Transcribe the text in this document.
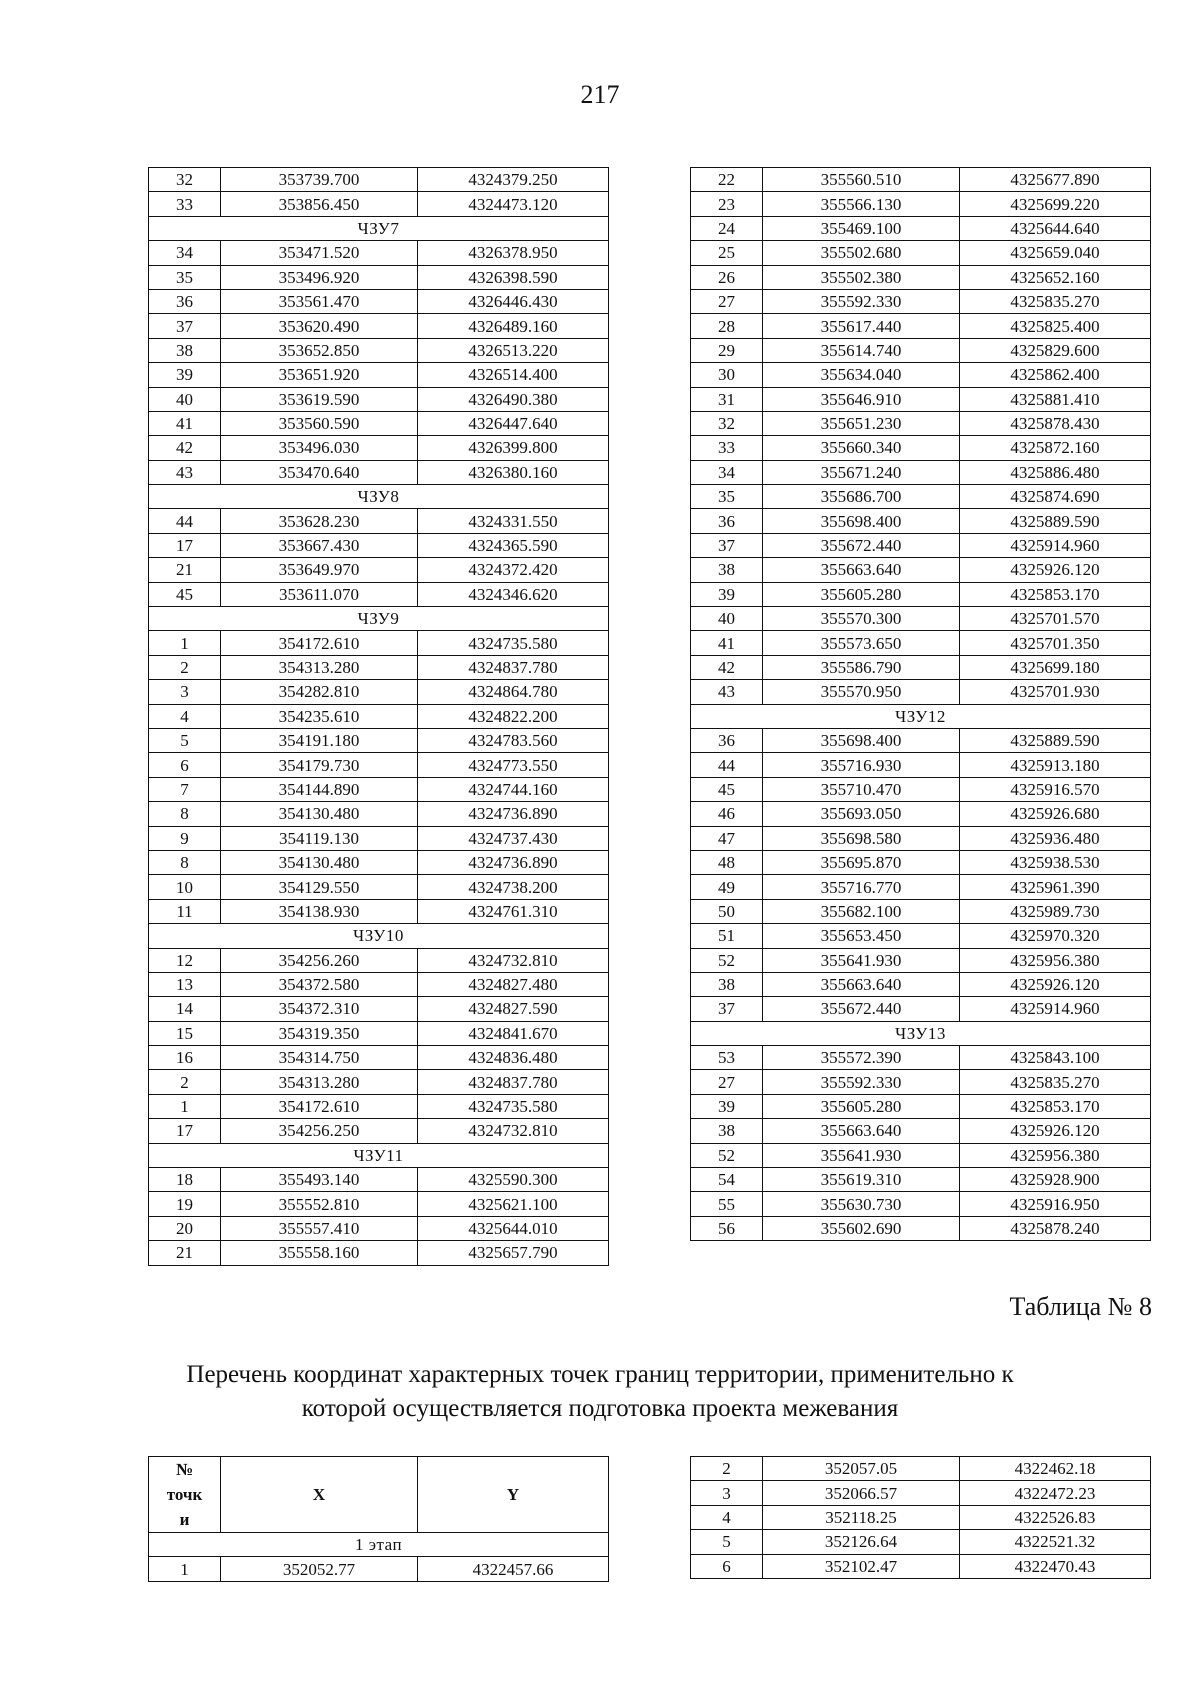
217
32	353739.700	4324379.250
33	353856.450	4324473.120
ЧЗУ7		
34	353471.520	4326378.950
35	353496.920	4326398.590
36	353561.470	4326446.430
37	353620.490	4326489.160
38	353652.850	4326513.220
39	353651.920	4326514.400
40	353619.590	4326490.380
41	353560.590	4326447.640
42	353496.030	4326399.800
43	353470.640	4326380.160
ЧЗУ8		
44	353628.230	4324331.550
17	353667.430	4324365.590
21	353649.970	4324372.420
45	353611.070	4324346.620
ЧЗУ9		
1	354172.610	4324735.580
2	354313.280	4324837.780
3	354282.810	4324864.780
4	354235.610	4324822.200
5	354191.180	4324783.560
6	354179.730	4324773.550
7	354144.890	4324744.160
8	354130.480	4324736.890
9	354119.130	4324737.430
8	354130.480	4324736.890
10	354129.550	4324738.200
11	354138.930	4324761.310
ЧЗУ10		
12	354256.260	4324732.810
13	354372.580	4324827.480
14	354372.310	4324827.590
15	354319.350	4324841.670
16	354314.750	4324836.480
2	354313.280	4324837.780
1	354172.610	4324735.580
17	354256.250	4324732.810
ЧЗУ11		
18	355493.140	4325590.300
19	355552.810	4325621.100
20	355557.410	4325644.010
21	355558.160	4325657.790
22	355560.510	4325677.890
23	355566.130	4325699.220
24	355469.100	4325644.640
25	355502.680	4325659.040
26	355502.380	4325652.160
27	355592.330	4325835.270
28	355617.440	4325825.400
29	355614.740	4325829.600
30	355634.040	4325862.400
31	355646.910	4325881.410
32	355651.230	4325878.430
33	355660.340	4325872.160
34	355671.240	4325886.480
35	355686.700	4325874.690
36	355698.400	4325889.590
37	355672.440	4325914.960
38	355663.640	4325926.120
39	355605.280	4325853.170
40	355570.300	4325701.570
41	355573.650	4325701.350
42	355586.790	4325699.180
43	355570.950	4325701.930
ЧЗУ12		
36	355698.400	4325889.590
44	355716.930	4325913.180
45	355710.470	4325916.570
46	355693.050	4325926.680
47	355698.580	4325936.480
48	355695.870	4325938.530
49	355716.770	4325961.390
50	355682.100	4325989.730
51	355653.450	4325970.320
52	355641.930	4325956.380
38	355663.640	4325926.120
37	355672.440	4325914.960
ЧЗУ13		
53	355572.390	4325843.100
27	355592.330	4325835.270
39	355605.280	4325853.170
38	355663.640	4325926.120
52	355641.930	4325956.380
54	355619.310	4325928.900
55	355630.730	4325916.950
56	355602.690	4325878.240
Таблица № 8
Перечень координат характерных точек границ территории, применительно к
которой осуществляется подготовка проекта межевания
№
точк
и	X	Y
1 этап		
1	352052.77	4322457.66
2	352057.05	4322462.18
3	352066.57	4322472.23
4	352118.25	4322526.83
5	352126.64	4322521.32
6	352102.47	4322470.43
